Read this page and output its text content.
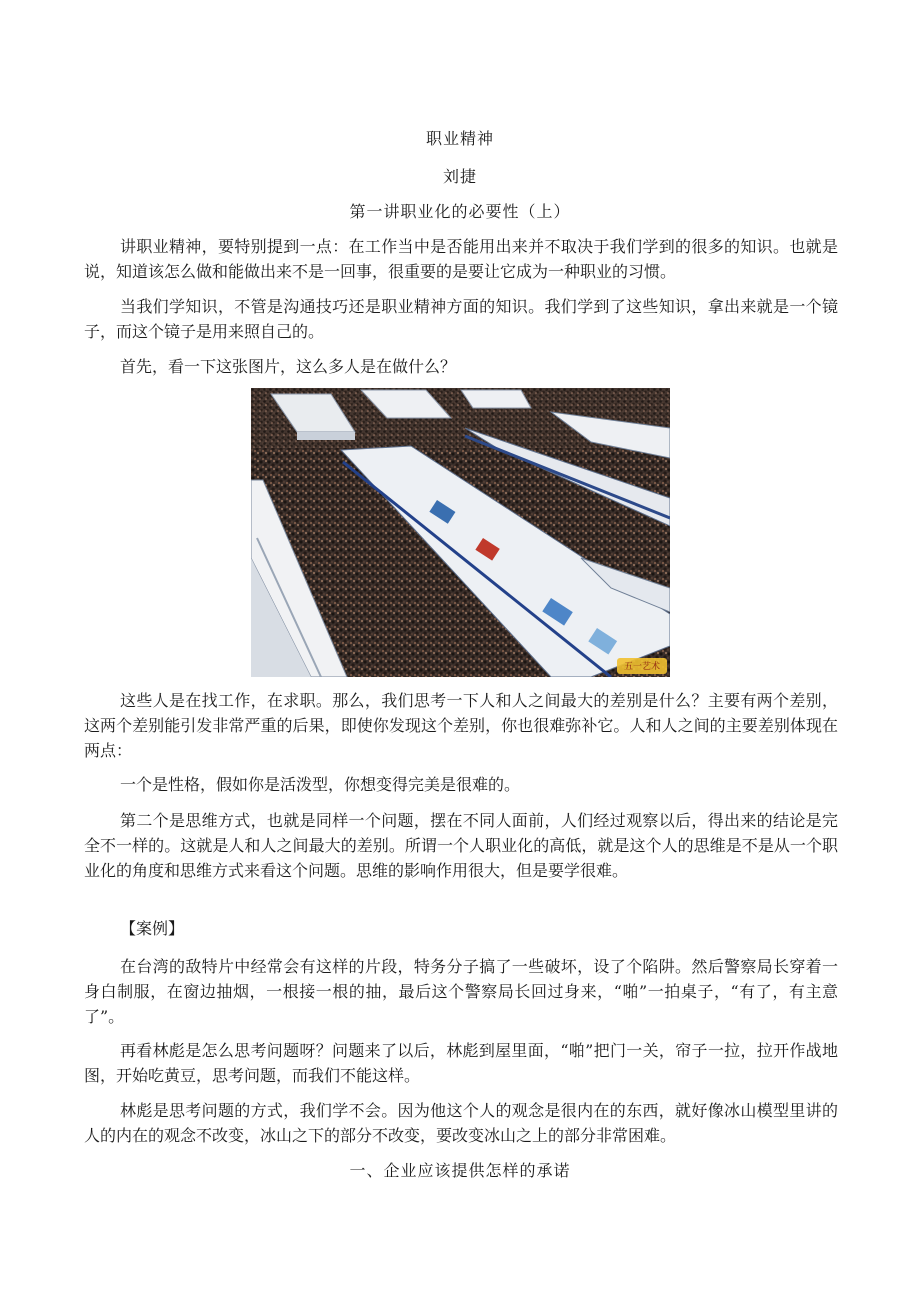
职业精神
刘捷
第一讲职业化的必要性（上）

讲职业精神，要特别提到一点：在工作当中是否能用出来并不取决于我们学到的很多的知识。也就是说，知道该怎么做和能做出来不是一回事，很重要的是要让它成为一种职业的习惯。

当我们学知识，不管是沟通技巧还是职业精神方面的知识。我们学到了这些知识，拿出来就是一个镜子，而这个镜子是用来照自己的。

首先，看一下这张图片，这么多人是在做什么？

五一艺术

这些人是在找工作，在求职。那么，我们思考一下人和人之间最大的差别是什么？主要有两个差别，这两个差别能引发非常严重的后果，即使你发现这个差别，你也很难弥补它。人和人之间的主要差别体现在两点：

一个是性格，假如你是活泼型，你想变得完美是很难的。

第二个是思维方式，也就是同样一个问题，摆在不同人面前，人们经过观察以后，得出来的结论是完全不一样的。这就是人和人之间最大的差别。所谓一个人职业化的高低，就是这个人的思维是不是从一个职业化的角度和思维方式来看这个问题。思维的影响作用很大，但是要学很难。

【案例】

在台湾的敌特片中经常会有这样的片段，特务分子搞了一些破坏，设了个陷阱。然后警察局长穿着一身白制服，在窗边抽烟，一根接一根的抽，最后这个警察局长回过身来，“啪”一拍桌子，“有了，有主意了”。

再看林彪是怎么思考问题呀？问题来了以后，林彪到屋里面，“啪”把门一关，帘子一拉，拉开作战地图，开始吃黄豆，思考问题，而我们不能这样。

林彪是思考问题的方式，我们学不会。因为他这个人的观念是很内在的东西，就好像冰山模型里讲的人的内在的观念不改变，冰山之下的部分不改变，要改变冰山之上的部分非常困难。

一、企业应该提供怎样的承诺
